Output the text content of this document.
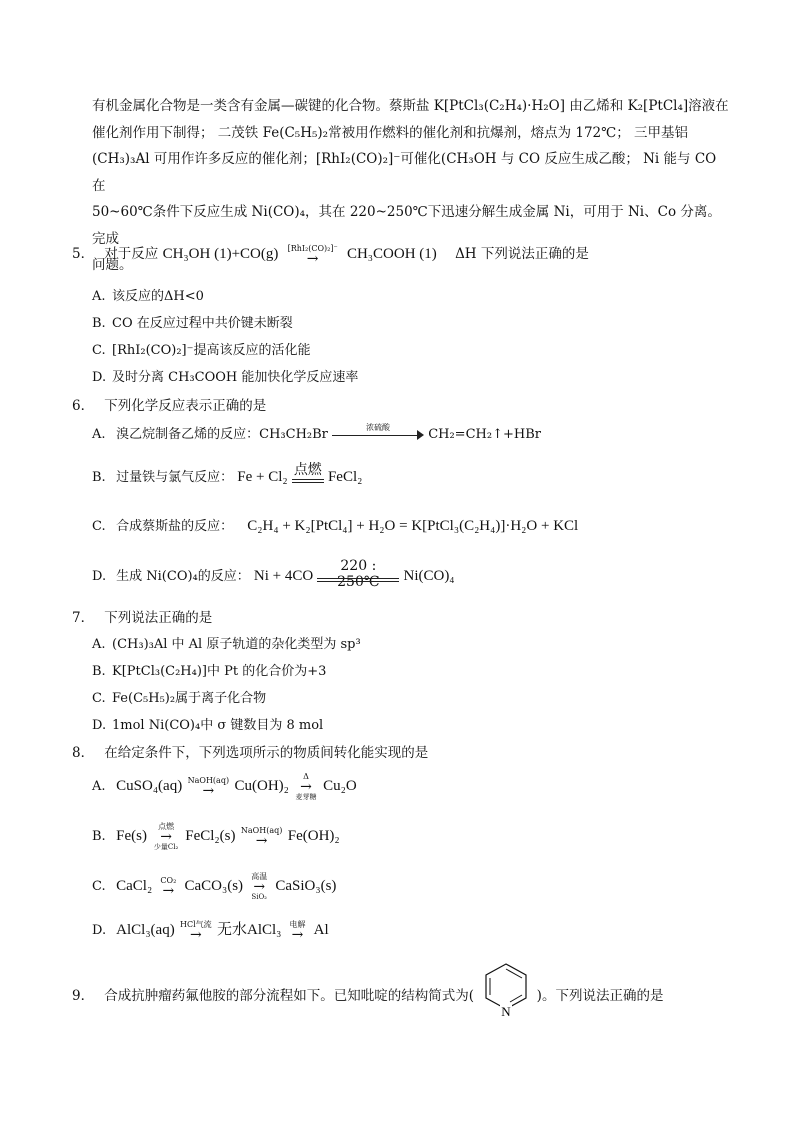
有机金属化合物是一类含有金属—碳键的化合物。蔡斯盐 K[PtCl₃(C₂H₄)·H₂O] 由乙烯和 K₂[PtCl₄]溶液在

催化剂作用下制得； 二茂铁 Fe(C₅H₅)₂常被用作燃料的催化剂和抗爆剂，熔点为 172℃； 三甲基铝

(CH₃)₃Al 可用作许多反应的催化剂；[RhI₂(CO)₂]⁻可催化(CH₃OH 与 CO 反应生成乙酸； Ni 能与 CO 在

50~60℃条件下反应生成 Ni(CO)₄，其在 220~250℃下迅速分解生成金属 Ni，可用于 Ni、Co 分离。完成

问题。

5． 对于反应 CH₃OH (1)+CO(g)	[RhI₂(CO)₂]⁻
→	CH₃COOH (1) ΔH 下列说法正确的是
A. 该反应的ΔH<0
B. CO 在反应过程中共价键未断裂
C. [RhI₂(CO)₂]⁻提高该反应的活化能
D. 及时分离 CH₃COOH 能加快化学反应速率
6． 下列化学反应表示正确的是
A. 溴乙烷制备乙烯的反应：CH₃CH₂Br	浓硫酸	CH₂=CH₂↑+HBr
B. 过量铁与氯气反应： Fe + Cl₂ 点燃 FeCl₂
C. 合成蔡斯盐的反应： C₂H₄ + K₂[PtCl₄] + H₂O = K[PtCl₃(C₂H₄)]·H₂O + KCl
D. 生成 Ni(CO)₄的反应： Ni + 4CO
220 : 250℃	Ni(CO)₄
7． 下列说法正确的是
A. (CH₃)₃Al 中 Al 原子轨道的杂化类型为 sp³
B. K[PtCl₃(C₂H₄)]中 Pt 的化合价为+3
C. Fe(C₅H₅)₂属于离子化合物
D. 1mol Ni(CO)₄中 σ 键数目为 8 mol
8． 在给定条件下，下列选项所示的物质间转化能实现的是
A. CuSO₄(aq) NaOH(aq)
→	Cu(OH)₂
Δ
→
麦芽糖
Cu₂O
B. Fe(s)
点燃
→
少量Cl₂
FeCl₂(s) NaOH(aq)
→	Fe(OH)₂
C. CaCl₂	CO₂
→ CaCO₃(s)
高温
→
SiO₂
CaSiO₃(s)
D. AlCl₃(aq) HCl气流
→	无水AlCl₃	电解
→ Al
9． 合成抗肿瘤药氟他胺的部分流程如下。已知吡啶的结构简式为(	)。下列说法正确的是
N
